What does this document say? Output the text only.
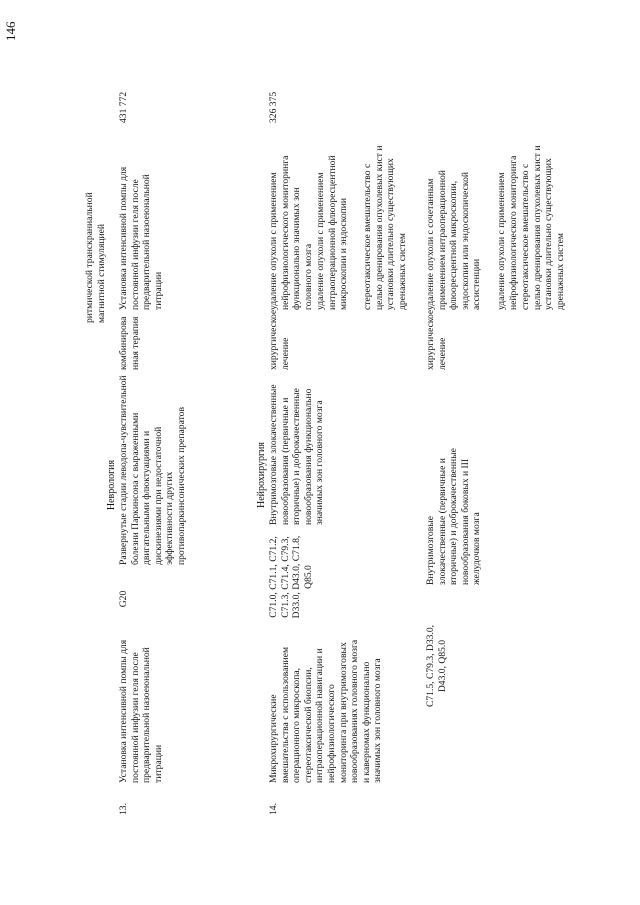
146
ритмической транскраниальной магнитной стимуляцией
Неврология
13.
Установка интенсивной помпы для постоянной инфузии геля после предварительной назоеюнальной титрации
G20
Развернутые стадии леводопа-чувствительной болезни Паркинсона с выраженными двигательными флюктуациями и дискинезиями при недостаточной эффективности других противопаркинсонических препаратов
комбинированная терапия
Установка интенсивной помпы для постоянной инфузии геля после предварительной назоеюнальной титрации
431 772
Нейрохирургия
14.
Микрохирургические вмешательства с использованием операционного микроскопа, стереотаксической биопсии, интраоперационной навигации и нейрофизиологического мониторинга при внутримозговых новообразованиях головного мозга и каверномах функционально значимых зон головного мозга
326 375
C71.0, C71.1, C71.2, C71.3, C71.4, C79.3, D33.0, D43.0, C71.8, Q85.0
Внутримозговые злокачественные новообразования (первичные и вторичные) и доброкачественные новообразования функционально значимых зон головного мозга
хирургическое лечение
удаление опухоли с применением нейрофизиологического мониторинга функционально значимых зон головного мозга удаление опухоли с применением интраоперационной флюоресцентной микроскопии и эндоскопии стереотаксическое вмешательство с целью дренирования опухолевых кист и установки длительно существующих дренажных систем
C71.5, C79.3, D33.0, D43.0, Q85.0
Внутримозговые злокачественные (первичные и вторичные) и доброкачественные новообразования боковых и III желудочков мозга
хирургическое лечение
удаление опухоли с сочетанным применением интраоперационной флюоресцентной микроскопии, эндоскопии или эндоскопической ассистенции удаление опухоли с применением нейрофизиологического мониторинга стереотаксическое вмешательство с целью дренирования опухолевых кист и установки длительно существующих дренажных систем
